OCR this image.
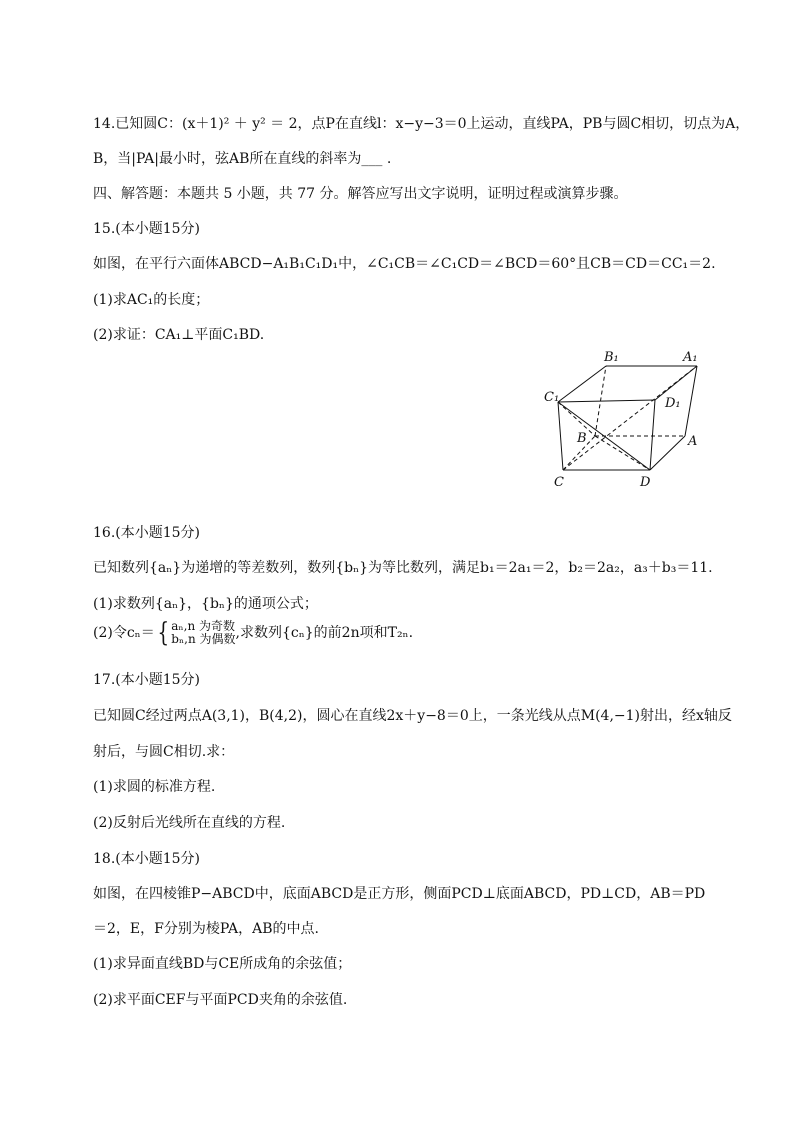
14.已知圆C：(x＋1)² ＋ y² ＝ 2，点P在直线l：x−y−3＝0上运动，直线PA，PB与圆C相切，切点为A，
B，当|PA|最小时，弦AB所在直线的斜率为___ .
四、解答题：本题共 5 小题，共 77 分。解答应写出文字说明，证明过程或演算步骤。
15.(本小题15分)
如图，在平行六面体ABCD−A₁B₁C₁D₁中，∠C₁CB＝∠C₁CD＝∠BCD＝60°且CB＝CD＝CC₁＝2.
(1)求AC₁的长度；
(2)求证：CA₁⊥平面C₁BD.
B₁	A₁
C₁	D₁
B	A
C	D
16.(本小题15分)
已知数列{aₙ}为递增的等差数列，数列{bₙ}为等比数列，满足b₁＝2a₁＝2，b₂＝2a₂，a₃＋b₃＝11.
(1)求数列{aₙ}，{bₙ}的通项公式；
(2)令cₙ＝{ aₙ,n 为奇数
bₙ,n 为偶数 ,求数列{cₙ}的前2n项和T₂ₙ.
17.(本小题15分)
已知圆C经过两点A(3,1)，B(4,2)，圆心在直线2x＋y−8＝0上，一条光线从点M(4,−1)射出，经x轴反
射后，与圆C相切.求：
(1)求圆的标准方程.
(2)反射后光线所在直线的方程.
18.(本小题15分)
如图，在四棱锥P−ABCD中，底面ABCD是正方形，侧面PCD⊥底面ABCD，PD⊥CD，AB＝PD
＝2，E，F分别为棱PA，AB的中点.
(1)求异面直线BD与CE所成角的余弦值；
(2)求平面CEF与平面PCD夹角的余弦值.
